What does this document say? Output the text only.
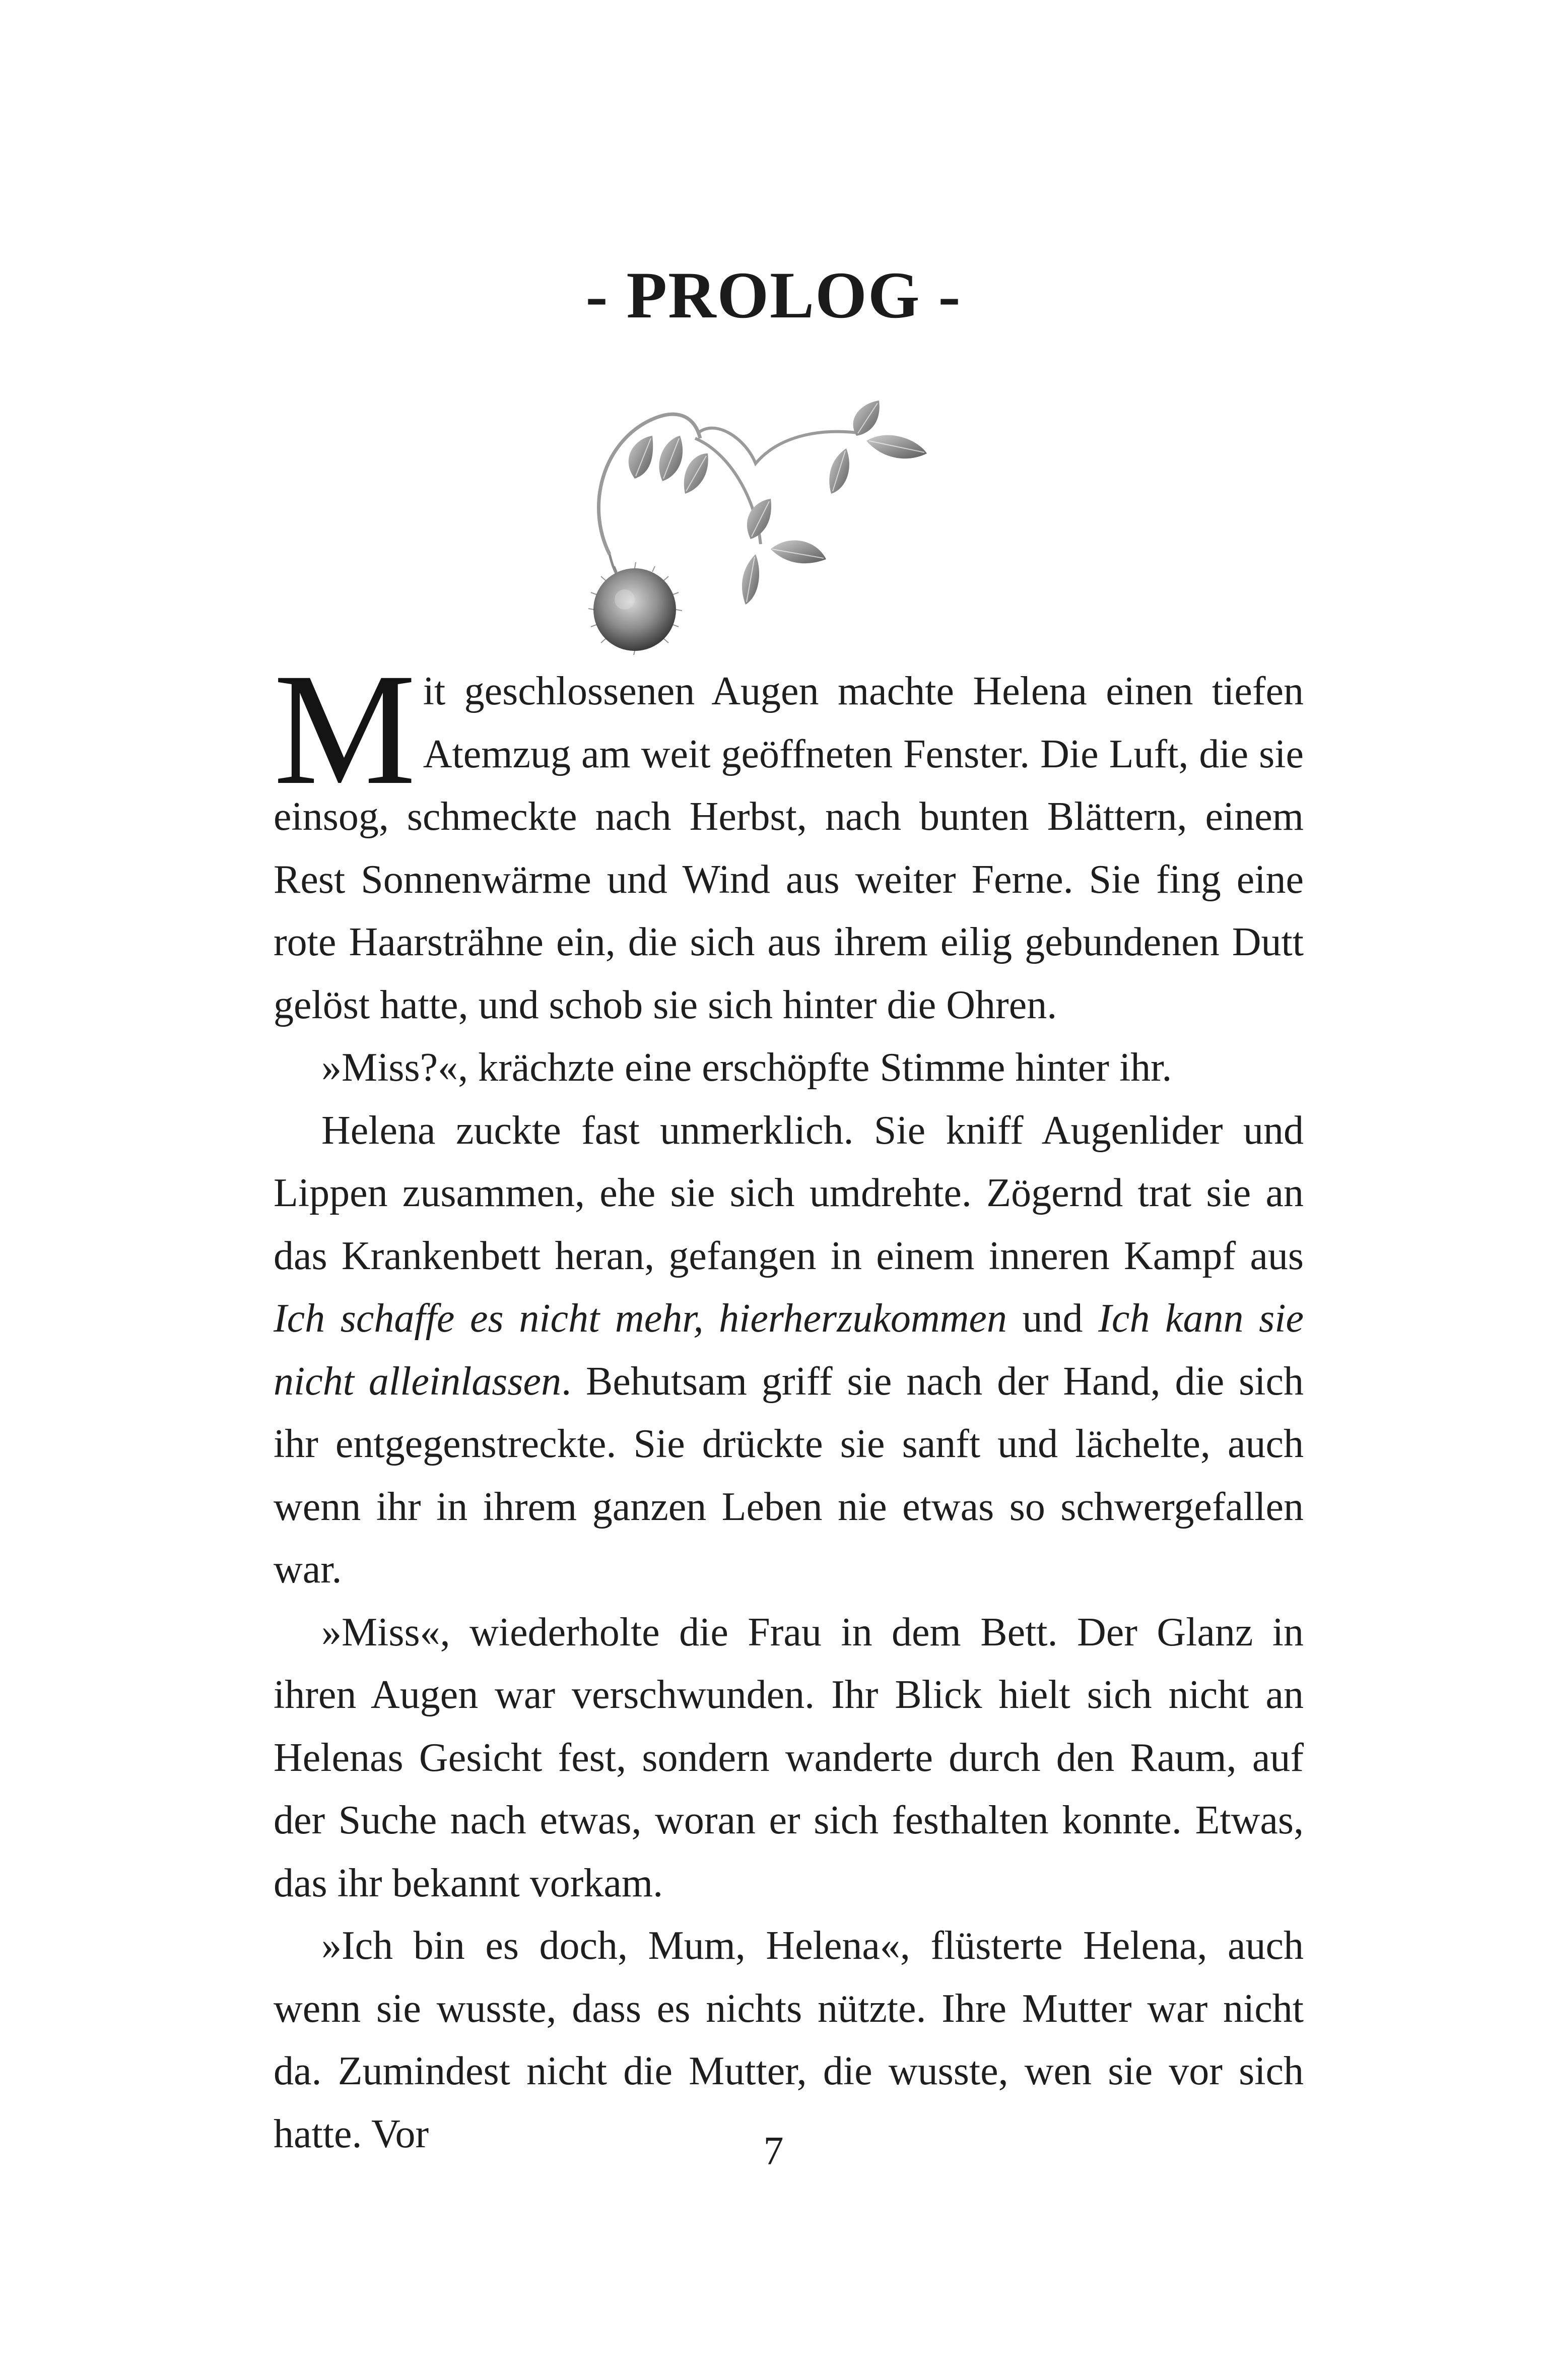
- PROLOG -

Mit geschlossenen Augen machte Helena einen tiefen Atemzug am weit geöffneten Fenster. Die Luft, die sie einsog, schmeckte nach Herbst, nach bunten Blättern, einem Rest Sonnenwärme und Wind aus weiter Ferne. Sie fing eine rote Haarsträhne ein, die sich aus ihrem eilig gebundenen Dutt gelöst hatte, und schob sie sich hinter die Ohren.

»Miss?«, krächzte eine erschöpfte Stimme hinter ihr.

Helena zuckte fast unmerklich. Sie kniff Augenlider und Lippen zusammen, ehe sie sich umdrehte. Zögernd trat sie an das Krankenbett heran, gefangen in einem inneren Kampf aus Ich schaffe es nicht mehr, hierherzukommen und Ich kann sie nicht alleinlassen. Behutsam griff sie nach der Hand, die sich ihr entgegenstreckte. Sie drückte sie sanft und lächelte, auch wenn ihr in ihrem ganzen Leben nie etwas so schwergefallen war.

»Miss«, wiederholte die Frau in dem Bett. Der Glanz in ihren Augen war verschwunden. Ihr Blick hielt sich nicht an Helenas Gesicht fest, sondern wanderte durch den Raum, auf der Suche nach etwas, woran er sich festhalten konnte. Etwas, das ihr bekannt vorkam.

»Ich bin es doch, Mum, Helena«, flüsterte Helena, auch wenn sie wusste, dass es nichts nützte. Ihre Mutter war nicht da. Zumindest nicht die Mutter, die wusste, wen sie vor sich hatte. Vor	7
